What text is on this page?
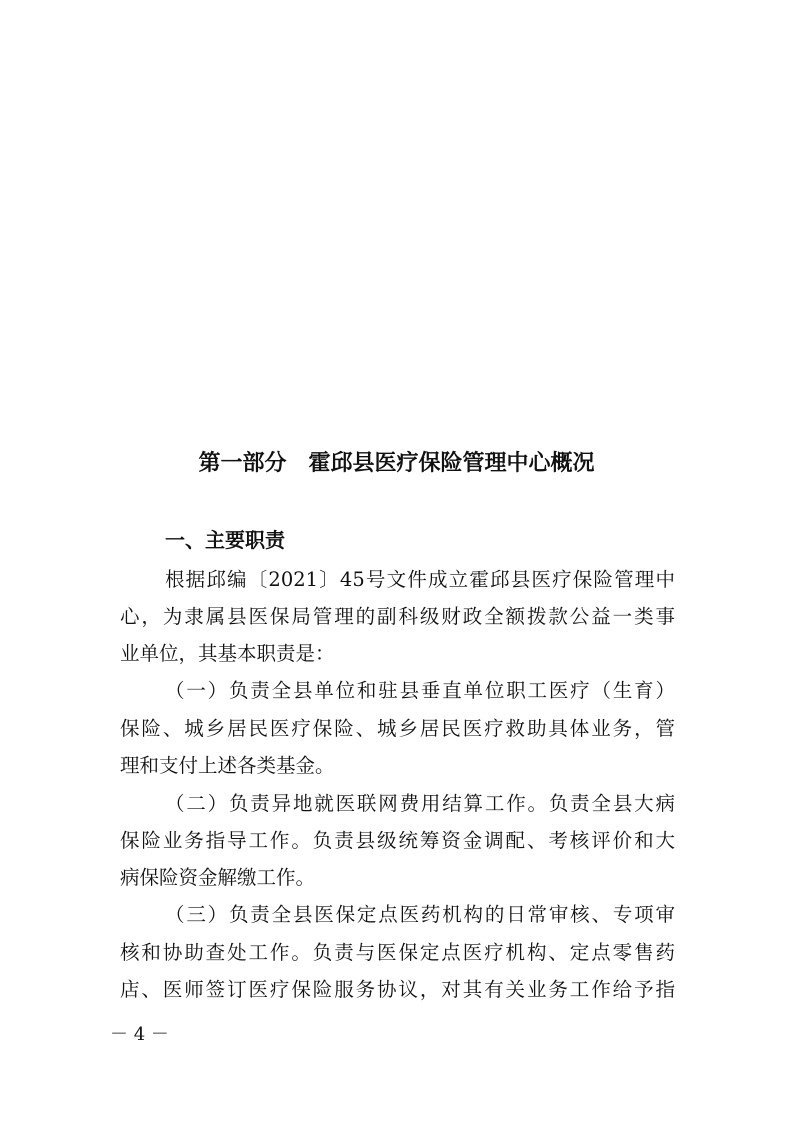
第一部分　霍邱县医疗保险管理中心概况
一、主要职责
根据邱编〔2021〕45号文件成立霍邱县医疗保险管理中
心，为隶属县医保局管理的副科级财政全额拨款公益一类事
业单位，其基本职责是：
（一）负责全县单位和驻县垂直单位职工医疗（生育）
保险、城乡居民医疗保险、城乡居民医疗救助具体业务，管
理和支付上述各类基金。
（二）负责异地就医联网费用结算工作。负责全县大病
保险业务指导工作。负责县级统筹资金调配、考核评价和大
病保险资金解缴工作。
（三）负责全县医保定点医药机构的日常审核、专项审
核和协助查处工作。负责与医保定点医疗机构、定点零售药
店、医师签订医疗保险服务协议，对其有关业务工作给予指
－ 4 －
